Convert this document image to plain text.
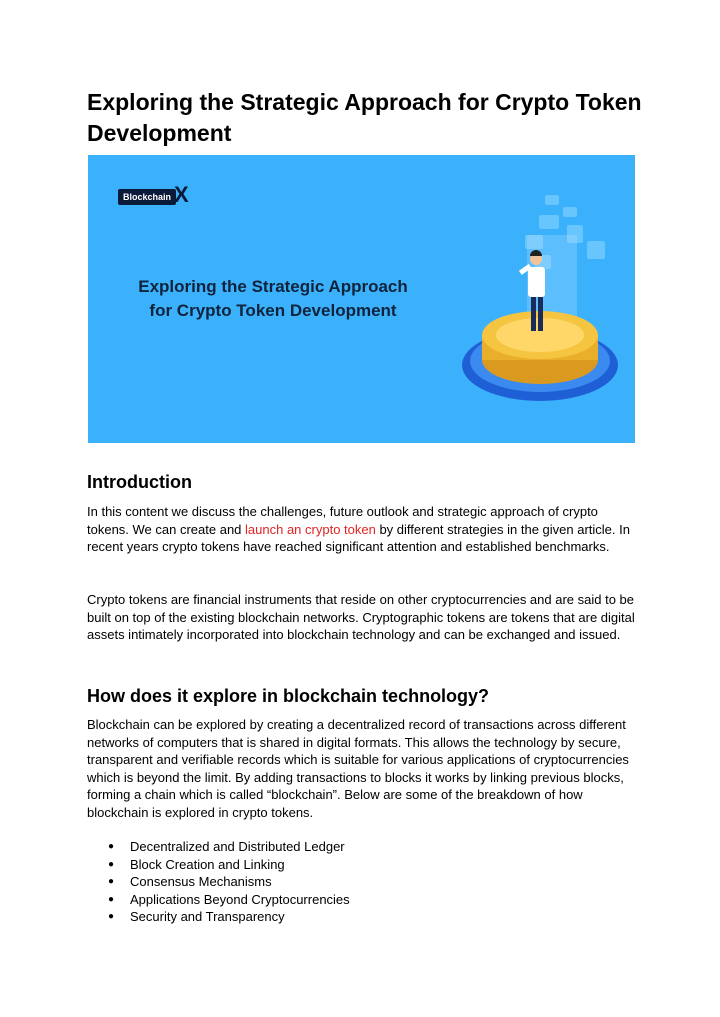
Exploring the Strategic Approach for Crypto Token Development
Blockchain X
Exploring the Strategic Approach
for Crypto Token Development
Introduction

In this content we discuss the challenges, future outlook and strategic approach of crypto tokens. We can create and launch an crypto token by different strategies in the given article. In recent years crypto tokens have reached significant attention and established benchmarks.

Crypto tokens are financial instruments that reside on other cryptocurrencies and are said to be built on top of the existing blockchain networks. Cryptographic tokens are tokens that are digital assets intimately incorporated into blockchain technology and can be exchanged and issued.

How does it explore in blockchain technology?

Blockchain can be explored by creating a decentralized record of transactions across different networks of computers that is shared in digital formats. This allows the technology by secure, transparent and verifiable records which is suitable for various applications of cryptocurrencies which is beyond the limit. By adding transactions to blocks it works by linking previous blocks, forming a chain which is called “blockchain”. Below are some of the breakdown of how blockchain is explored in crypto tokens.

● Decentralized and Distributed Ledger
● Block Creation and Linking
● Consensus Mechanisms
● Applications Beyond Cryptocurrencies
● Security and Transparency
